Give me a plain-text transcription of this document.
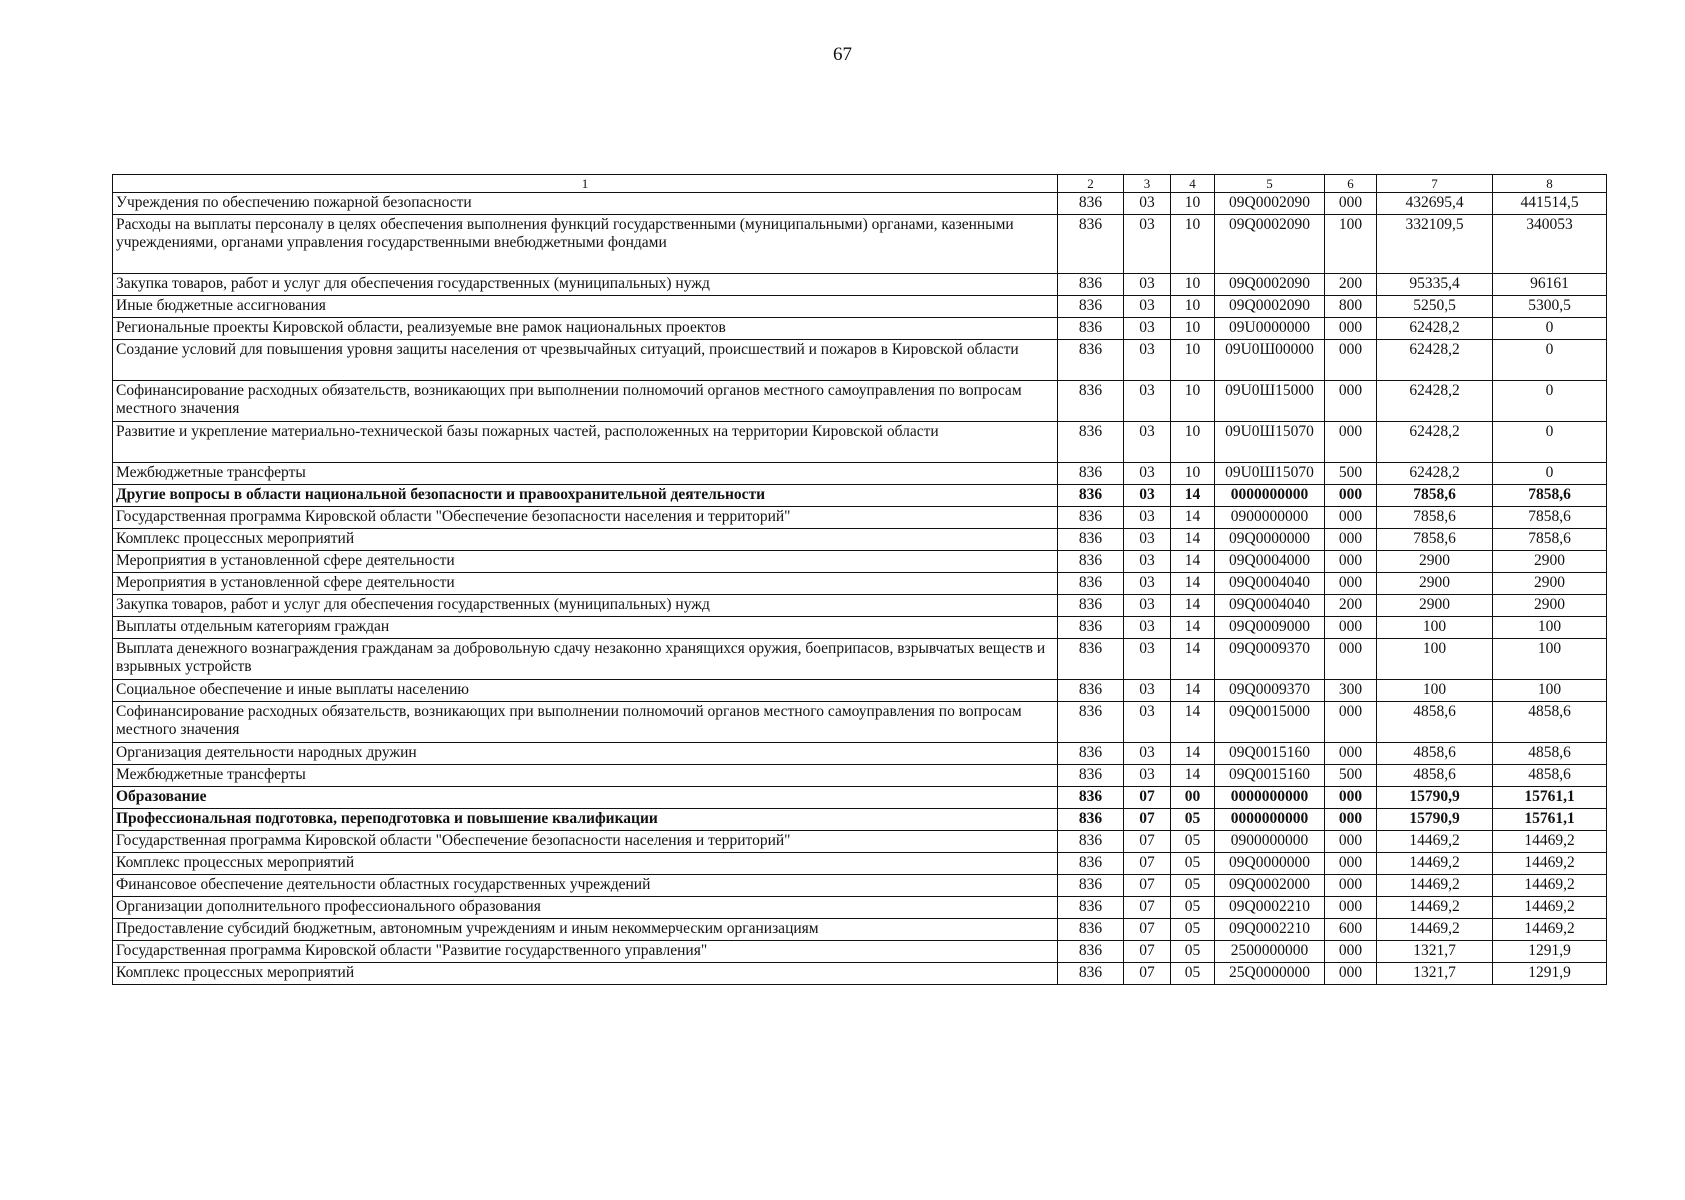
67
1	2	3	4	5	6	7	8
Учреждения по обеспечению пожарной безопасности	836	03	10	09Q0002090	000	432695,4	441514,5
Расходы на выплаты персоналу в целях обеспечения выполнения функций государственными (муниципальными) органами, казенными учреждениями, органами управления государственными внебюджетными фондами	836	03	10	09Q0002090	100	332109,5	340053
Закупка товаров, работ и услуг для обеспечения государственных (муниципальных) нужд	836	03	10	09Q0002090	200	95335,4	96161
Иные бюджетные ассигнования	836	03	10	09Q0002090	800	5250,5	5300,5
Региональные проекты Кировской области, реализуемые вне рамок национальных проектов	836	03	10	09U0000000	000	62428,2	0
Создание условий для повышения уровня защиты населения от чрезвычайных ситуаций, происшествий и пожаров в Кировской области	836	03	10	09U0Ш00000	000	62428,2	0
Софинансирование расходных обязательств, возникающих при выполнении полномочий органов местного самоуправления по вопросам местного значения	836	03	10	09U0Ш15000	000	62428,2	0
Развитие и укрепление материально-технической базы пожарных частей, расположенных на территории Кировской области	836	03	10	09U0Ш15070	000	62428,2	0
Межбюджетные трансферты	836	03	10	09U0Ш15070	500	62428,2	0
Другие вопросы в области национальной безопасности и правоохранительной деятельности	836	03	14	0000000000	000	7858,6	7858,6
Государственная программа Кировской области "Обеспечение безопасности населения и территорий"	836	03	14	0900000000	000	7858,6	7858,6
Комплекс процессных мероприятий	836	03	14	09Q0000000	000	7858,6	7858,6
Мероприятия в установленной сфере деятельности	836	03	14	09Q0004000	000	2900	2900
Мероприятия в установленной сфере деятельности	836	03	14	09Q0004040	000	2900	2900
Закупка товаров, работ и услуг для обеспечения государственных (муниципальных) нужд	836	03	14	09Q0004040	200	2900	2900
Выплаты отдельным категориям граждан	836	03	14	09Q0009000	000	100	100
Выплата денежного вознаграждения гражданам за добровольную сдачу незаконно хранящихся оружия, боеприпасов, взрывчатых веществ и взрывных устройств	836	03	14	09Q0009370	000	100	100
Социальное обеспечение и иные выплаты населению	836	03	14	09Q0009370	300	100	100
Софинансирование расходных обязательств, возникающих при выполнении полномочий органов местного самоуправления по вопросам местного значения	836	03	14	09Q0015000	000	4858,6	4858,6
Организация деятельности народных дружин	836	03	14	09Q0015160	000	4858,6	4858,6
Межбюджетные трансферты	836	03	14	09Q0015160	500	4858,6	4858,6
Образование	836	07	00	0000000000	000	15790,9	15761,1
Профессиональная подготовка, переподготовка и повышение квалификации	836	07	05	0000000000	000	15790,9	15761,1
Государственная программа Кировской области "Обеспечение безопасности населения и территорий"	836	07	05	0900000000	000	14469,2	14469,2
Комплекс процессных мероприятий	836	07	05	09Q0000000	000	14469,2	14469,2
Финансовое обеспечение деятельности областных государственных учреждений	836	07	05	09Q0002000	000	14469,2	14469,2
Организации дополнительного профессионального образования	836	07	05	09Q0002210	000	14469,2	14469,2
Предоставление субсидий бюджетным, автономным учреждениям и иным некоммерческим организациям	836	07	05	09Q0002210	600	14469,2	14469,2
Государственная программа Кировской области "Развитие государственного управления"	836	07	05	2500000000	000	1321,7	1291,9
Комплекс процессных мероприятий	836	07	05	25Q0000000	000	1321,7	1291,9
